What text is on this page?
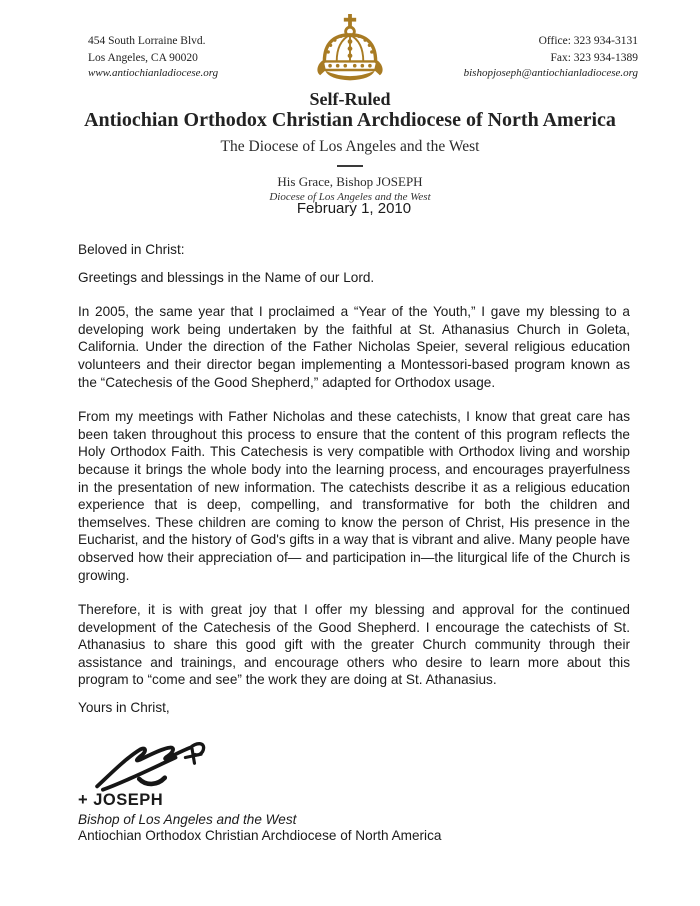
454 South Lorraine Blvd.
Los Angeles, CA 90020
www.antiochianladiocese.org
Office: 323 934-3131
Fax: 323 934-1389
bishopjoseph@antiochianladiocese.org
Self-Ruled
Antiochian Orthodox Christian Archdiocese of North America
The Diocese of Los Angeles and the West
His Grace, Bishop JOSEPH
Diocese of Los Angeles and the West
February 1, 2010

Beloved in Christ:

Greetings and blessings in the Name of our Lord.

In 2005, the same year that I proclaimed a “Year of the Youth,” I gave my blessing to a developing work being undertaken by the faithful at St. Athanasius Church in Goleta, California. Under the direction of the Father Nicholas Speier, several religious education volunteers and their director began implementing a Montessori-based program known as the “Catechesis of the Good Shepherd,” adapted for Orthodox usage.

From my meetings with Father Nicholas and these catechists, I know that great care has been taken throughout this process to ensure that the content of this program reflects the Holy Orthodox Faith. This Catechesis is very compatible with Orthodox living and worship because it brings the whole body into the learning process, and encourages prayerfulness in the presentation of new information. The catechists describe it as a religious education experience that is deep, compelling, and transformative for both the children and themselves. These children are coming to know the person of Christ, His presence in the Eucharist, and the history of God's gifts in a way that is vibrant and alive. Many people have observed how their appreciation of— and participation in—the liturgical life of the Church is growing.

Therefore, it is with great joy that I offer my blessing and approval for the continued development of the Catechesis of the Good Shepherd. I encourage the catechists of St. Athanasius to share this good gift with the greater Church community through their assistance and trainings, and encourage others who desire to learn more about this program to “come and see” the work they are doing at St. Athanasius.

Yours in Christ,

+ JOSEPH
Bishop of Los Angeles and the West
Antiochian Orthodox Christian Archdiocese of North America
